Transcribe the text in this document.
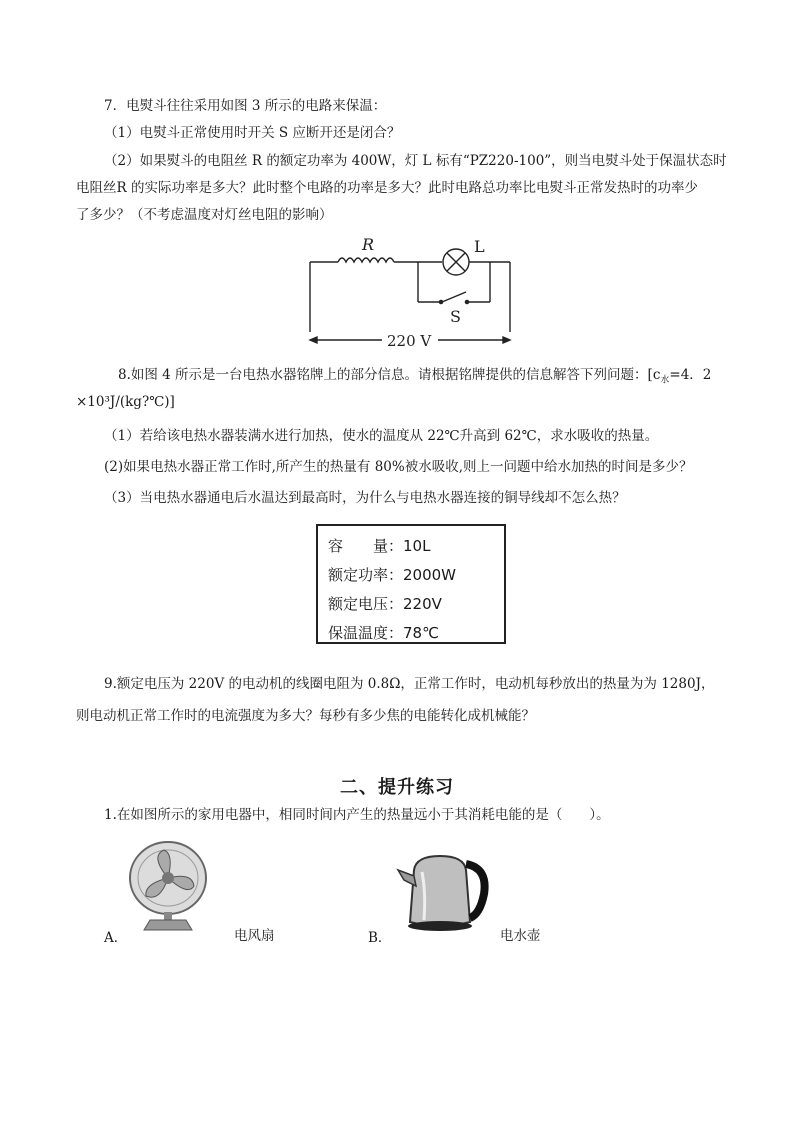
7．电熨斗往往采用如图 3 所示的电路来保温：
（1）电熨斗正常使用时开关 S 应断开还是闭合？
（2）如果熨斗的电阻丝 R 的额定功率为 400W，灯 L 标有“PZ220-100”，则当电熨斗处于保温状态时
电阻丝R 的实际功率是多大？此时整个电路的功率是多大？此时电路总功率比电熨斗正常发热时的功率少
了多少？（不考虑温度对灯丝电阻的影响）
R	L
S
220 V
8.如图 4 所示是一台电热水器铭牌上的部分信息。请根据铭牌提供的信息解答下列问题：[$c_水=4$．2
×10³J/(kg?℃)]
（1）若给该电热水器装满水进行加热，使水的温度从 22℃升高到 62℃，求水吸收的热量。
(2)如果电热水器正常工作时,所产生的热量有 80%被水吸收,则上一问题中给水加热的时间是多少？
（3）当电热水器通电后水温达到最高时，为什么与电热水器连接的铜导线却不怎么热？
容　　量：10L
额定功率：2000W
额定电压：220V
保温温度：78℃
9.额定电压为 220V 的电动机的线圈电阻为 0.8Ω，正常工作时，电动机每秒放出的热量为为 1280J，
则电动机正常工作时的电流强度为多大？每秒有多少焦的电能转化成机械能？
二、提升练习
1.在如图所示的家用电器中，相同时间内产生的热量远小于其消耗电能的是（　　）。
A．	电风扇	B．	电水壶
